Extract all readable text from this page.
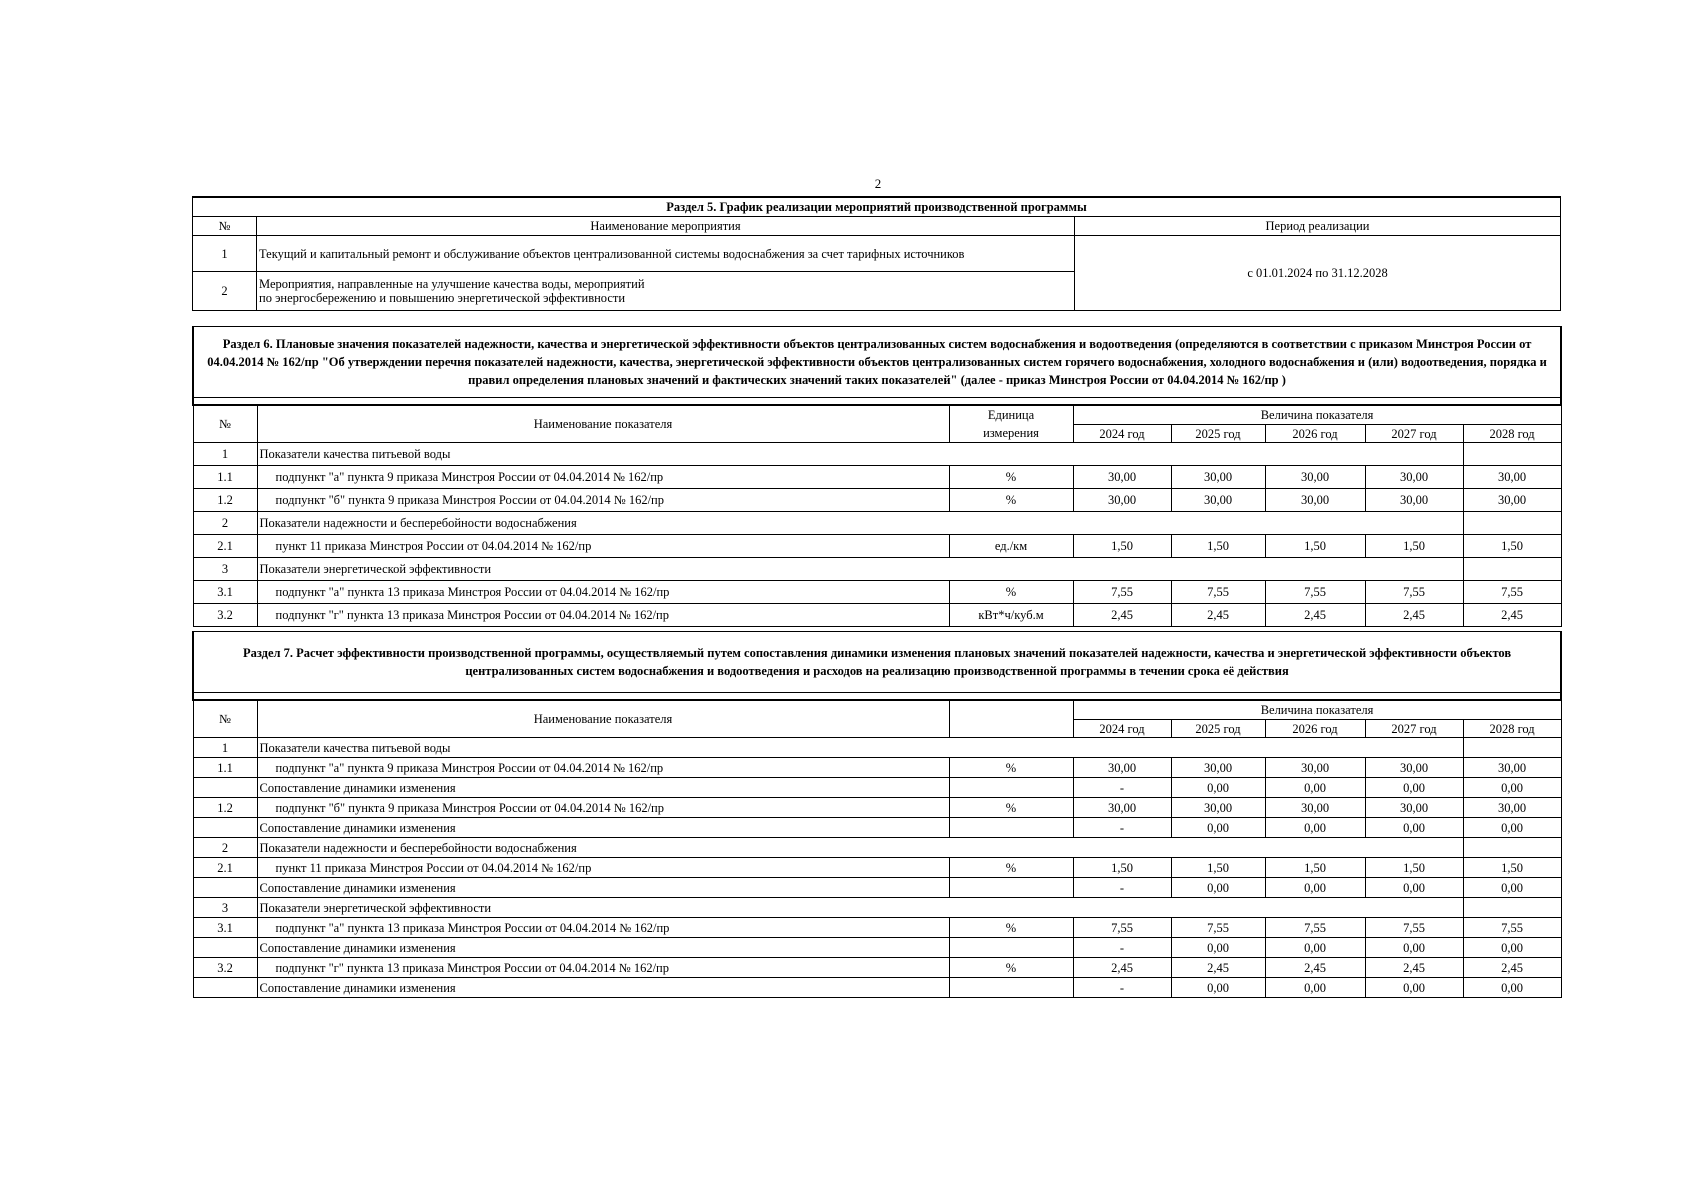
2
Раздел 5. График реализации мероприятий производственной программы		
№	Наименование мероприятия	Период реализации
1	Текущий и капитальный ремонт и обслуживание объектов централизованной системы водоснабжения за счет тарифных источников	с 01.01.2024 по 31.12.2028
2	Мероприятия, направленные на улучшение качества воды, мероприятий
по энергосбережению и повышению энергетической эффективности	
Раздел 6. Плановые значения показателей надежности, качества и энергетической эффективности объектов централизованных систем водоснабжения и водоотведения (определяются в соответствии с приказом Минстроя России от 04.04.2014 № 162/пр "Об утверждении перечня показателей надежности, качества, энергетической эффективности объектов централизованных систем горячего водоснабжения, холодного водоснабжения и (или) водоотведения, порядка и правил определения плановых значений и фактических значений таких показателей" (далее - приказ Минстроя России от 04.04.2014 № 162/пр )							

№	Наименование показателя	Единица	Величина показателя				
		измерения	2024 год	2025 год	2026 год	2027 год	2028 год
1	Показатели качества питьевой воды						
1.1	подпункт "а" пункта 9 приказа Минстроя России от 04.04.2014 № 162/пр	%	30,00	30,00	30,00	30,00	30,00
1.2	подпункт "б" пункта 9 приказа Минстроя России от 04.04.2014 № 162/пр	%	30,00	30,00	30,00	30,00	30,00
2	Показатели надежности и бесперебойности водоснабжения						
2.1	пункт 11 приказа Минстроя России от 04.04.2014 № 162/пр	ед./км	1,50	1,50	1,50	1,50	1,50
3	Показатели энергетической эффективности						
3.1	подпункт "а" пункта 13 приказа Минстроя России от 04.04.2014 № 162/пр	%	7,55	7,55	7,55	7,55	7,55
3.2	подпункт "г" пункта 13 приказа Минстроя России от 04.04.2014 № 162/пр	кВт*ч/куб.м	2,45	2,45	2,45	2,45	2,45
Раздел 7. Расчет эффективности производственной программы, осуществляемый путем сопоставления динамики изменения плановых значений показателей надежности, качества и энергетической эффективности объектов централизованных систем водоснабжения и водоотведения и расходов на реализацию производственной программы в течении срока её действия							

№	Наименование показателя		Величина показателя				
			2024 год	2025 год	2026 год	2027 год	2028 год
1	Показатели качества питьевой воды						
1.1	подпункт "а" пункта 9 приказа Минстроя России от 04.04.2014 № 162/пр	%	30,00	30,00	30,00	30,00	30,00
	Сопоставление динамики изменения		-	0,00	0,00	0,00	0,00
1.2	подпункт "б" пункта 9 приказа Минстроя России от 04.04.2014 № 162/пр	%	30,00	30,00	30,00	30,00	30,00
	Сопоставление динамики изменения		-	0,00	0,00	0,00	0,00
2	Показатели надежности и бесперебойности водоснабжения						
2.1	пункт 11 приказа Минстроя России от 04.04.2014 № 162/пр	%	1,50	1,50	1,50	1,50	1,50
	Сопоставление динамики изменения		-	0,00	0,00	0,00	0,00
3	Показатели энергетической эффективности						
3.1	подпункт "а" пункта 13 приказа Минстроя России от 04.04.2014 № 162/пр	%	7,55	7,55	7,55	7,55	7,55
	Сопоставление динамики изменения		-	0,00	0,00	0,00	0,00
3.2	подпункт "г" пункта 13 приказа Минстроя России от 04.04.2014 № 162/пр	%	2,45	2,45	2,45	2,45	2,45
	Сопоставление динамики изменения		-	0,00	0,00	0,00	0,00
